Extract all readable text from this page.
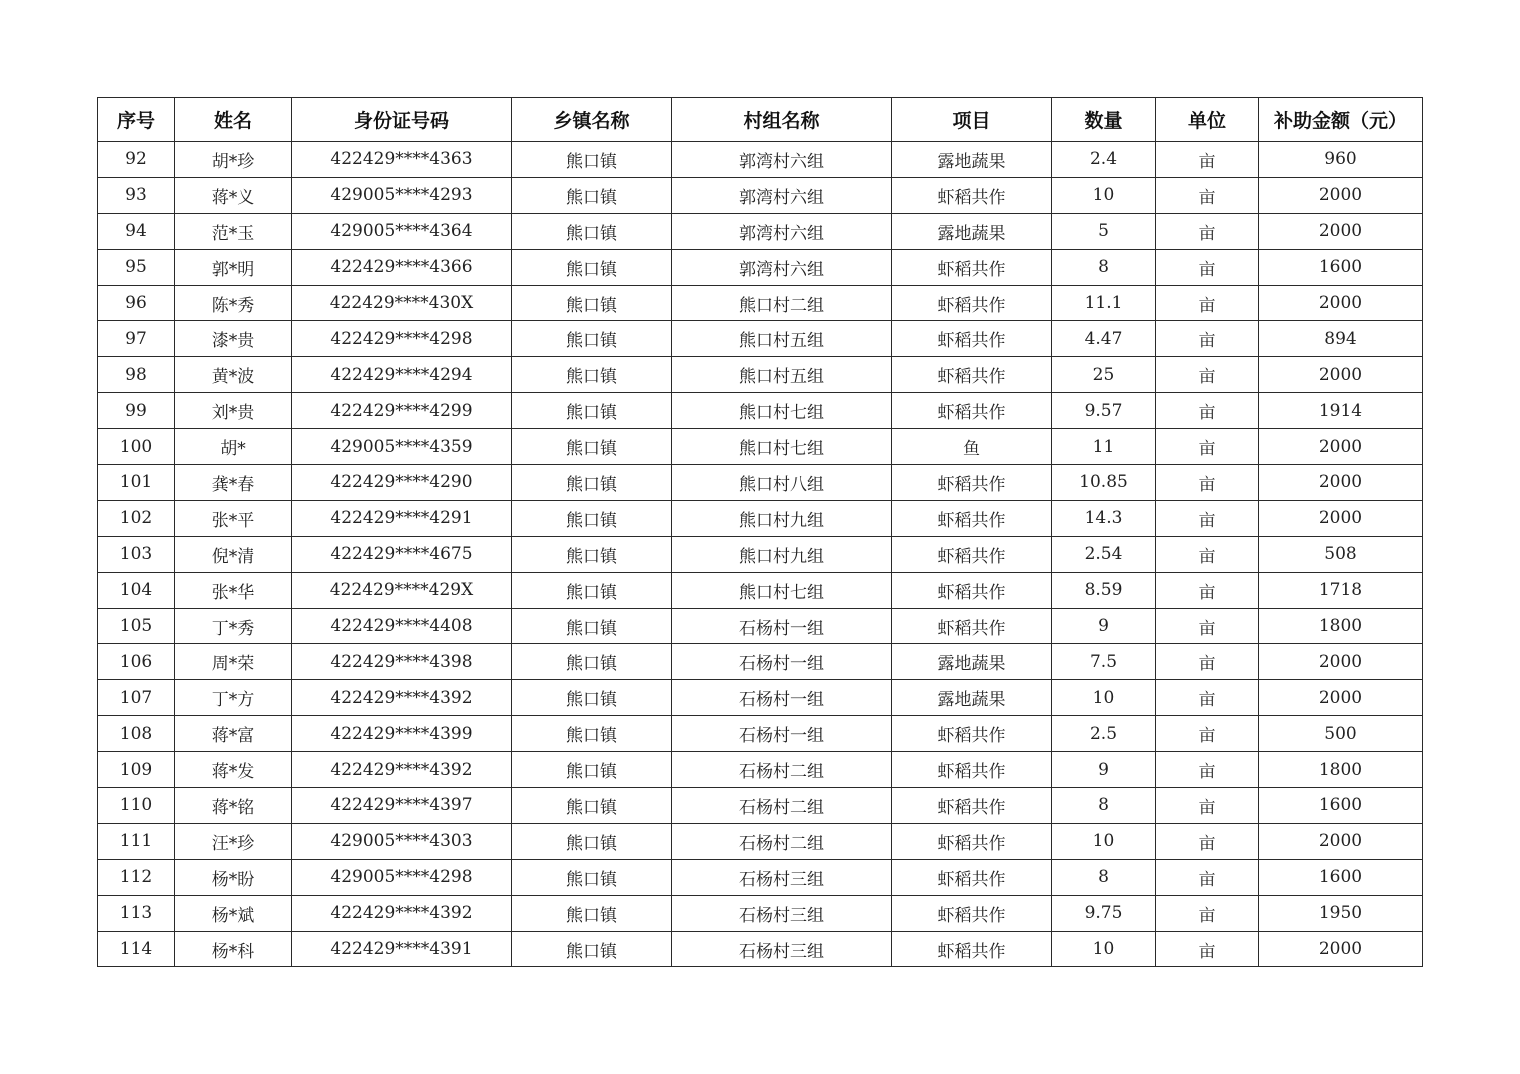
序号	姓名	身份证号码	乡镇名称	村组名称	项目	数量	单位	补助金额（元）
92	胡*珍	422429****4363	熊口镇	郭湾村六组	露地蔬果	2.4	亩	960
93	蒋*义	429005****4293	熊口镇	郭湾村六组	虾稻共作	10	亩	2000
94	范*玉	429005****4364	熊口镇	郭湾村六组	露地蔬果	5	亩	2000
95	郭*明	422429****4366	熊口镇	郭湾村六组	虾稻共作	8	亩	1600
96	陈*秀	422429****430X	熊口镇	熊口村二组	虾稻共作	11.1	亩	2000
97	漆*贵	422429****4298	熊口镇	熊口村五组	虾稻共作	4.47	亩	894
98	黄*波	422429****4294	熊口镇	熊口村五组	虾稻共作	25	亩	2000
99	刘*贵	422429****4299	熊口镇	熊口村七组	虾稻共作	9.57	亩	1914
100	胡*	429005****4359	熊口镇	熊口村七组	鱼	11	亩	2000
101	龚*春	422429****4290	熊口镇	熊口村八组	虾稻共作	10.85	亩	2000
102	张*平	422429****4291	熊口镇	熊口村九组	虾稻共作	14.3	亩	2000
103	倪*清	422429****4675	熊口镇	熊口村九组	虾稻共作	2.54	亩	508
104	张*华	422429****429X	熊口镇	熊口村七组	虾稻共作	8.59	亩	1718
105	丁*秀	422429****4408	熊口镇	石杨村一组	虾稻共作	9	亩	1800
106	周*荣	422429****4398	熊口镇	石杨村一组	露地蔬果	7.5	亩	2000
107	丁*方	422429****4392	熊口镇	石杨村一组	露地蔬果	10	亩	2000
108	蒋*富	422429****4399	熊口镇	石杨村一组	虾稻共作	2.5	亩	500
109	蒋*发	422429****4392	熊口镇	石杨村二组	虾稻共作	9	亩	1800
110	蒋*铭	422429****4397	熊口镇	石杨村二组	虾稻共作	8	亩	1600
111	汪*珍	429005****4303	熊口镇	石杨村二组	虾稻共作	10	亩	2000
112	杨*盼	429005****4298	熊口镇	石杨村三组	虾稻共作	8	亩	1600
113	杨*斌	422429****4392	熊口镇	石杨村三组	虾稻共作	9.75	亩	1950
114	杨*科	422429****4391	熊口镇	石杨村三组	虾稻共作	10	亩	2000
